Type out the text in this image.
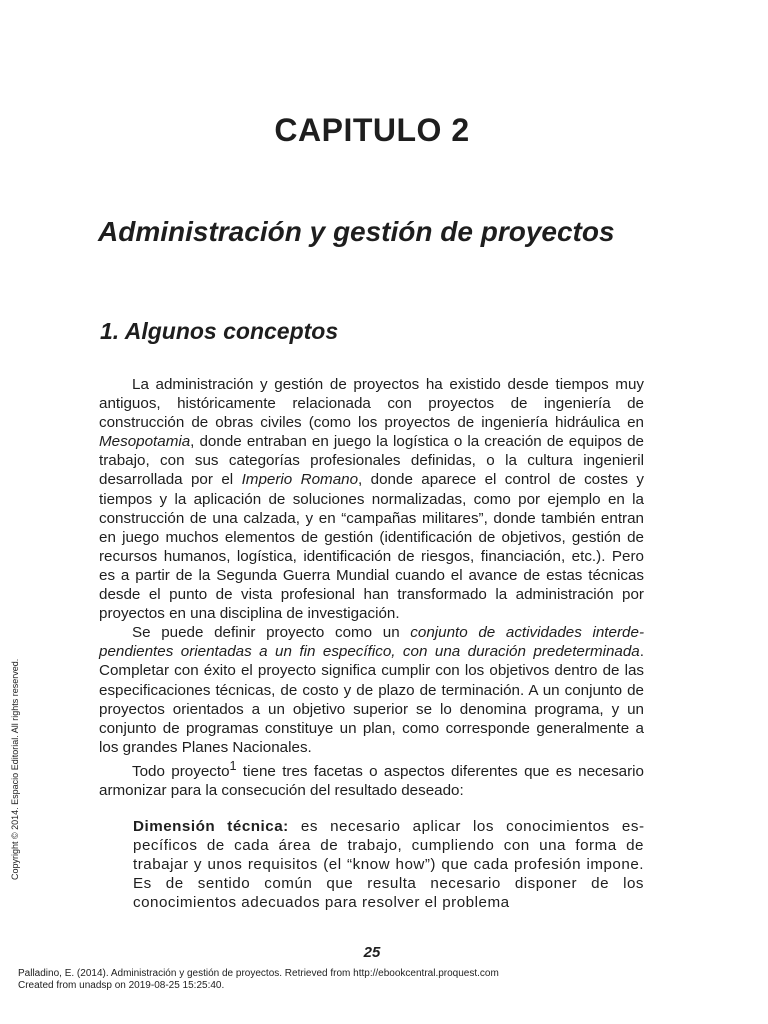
CAPITULO 2
Administración y gestión de proyectos
1. Algunos conceptos

La administración y gestión de proyectos ha existido desde tiempos muy antiguos, históricamente relacionada con proyectos de ingeniería de construcción de obras civiles (como los proyectos de ingeniería hidráulica en Mesopotamia, donde entraban en juego la logística o la creación de equipos de trabajo, con sus categorías profesionales definidas, o la cultura ingenieril desarrollada por el Imperio Romano, donde aparece el control de costes y tiempos y la aplicación de soluciones normalizadas, como por ejemplo en la construcción de una calzada, y en “campañas militares”, donde también entran en juego muchos elementos de gestión (identificación de objetivos, gestión de recursos humanos, logística, identificación de riesgos, financiación, etc.). Pero es a partir de la Segunda Guerra Mundial cuando el avance de estas técnicas desde el punto de vista profesional han transformado la administración por proyectos en una disciplina de investigación.

Se puede definir proyecto como un conjunto de actividades interdependientes orientadas a un fin específico, con una duración predeterminada. Completar con éxito el proyecto significa cumplir con los objetivos dentro de las especificaciones técnicas, de costo y de plazo de terminación. A un conjunto de proyectos orientados a un objetivo superior se lo denomina programa, y un conjunto de programas constituye un plan, como corresponde generalmente a los grandes Planes Nacionales.

Todo proyecto$^1$ tiene tres facetas o aspectos diferentes que es necesario armonizar para la consecución del resultado deseado:

Dimensión técnica: es necesario aplicar los conocimientos específicos de cada área de trabajo, cumpliendo con una forma de trabajar y unos requisitos (el “know how”) que cada profesión impone. Es de sentido común que resulta necesario disponer de los conocimientos adecuados para resolver el problema

25
Palladino, E. (2014). Administración y gestión de proyectos. Retrieved from http://ebookcentral.proquest.com
Created from unadsp on 2019-08-25 15:25:40.
Copyright © 2014. Espacio Editorial. All rights reserved.
